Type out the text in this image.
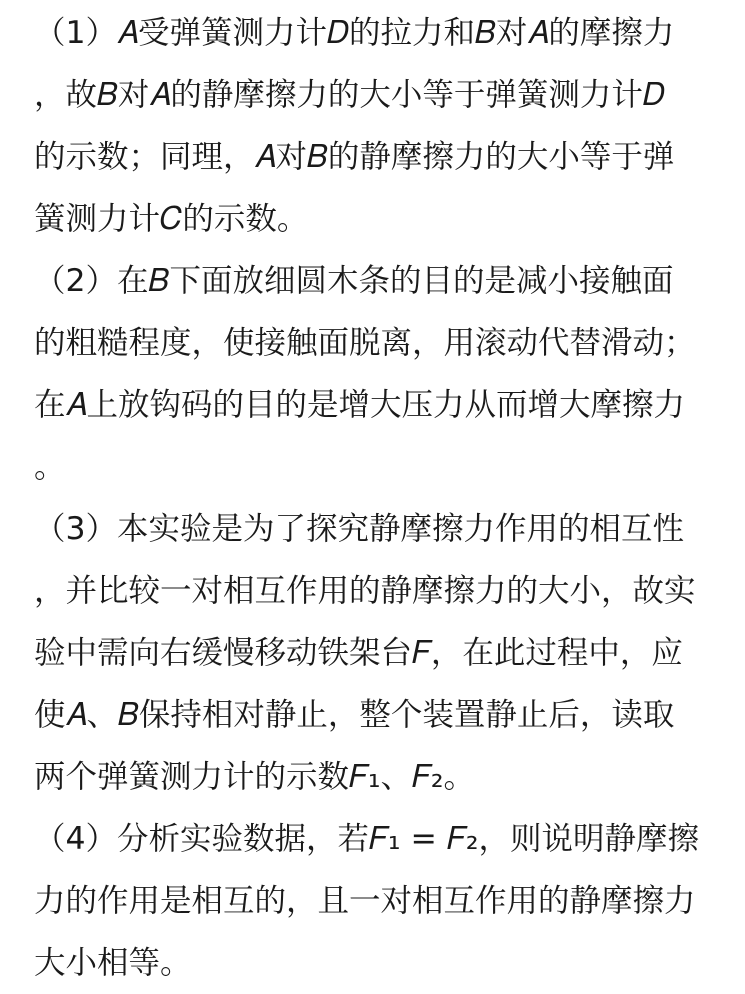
（1）𝐴受弹簧测力计𝐷的拉力和𝐵对𝐴的摩擦力
，故𝐵对𝐴的静摩擦力的大小等于弹簧测力计𝐷
的示数；同理，𝐴对𝐵的静摩擦力的大小等于弹
簧测力计𝐶的示数。
（2）在𝐵下面放细圆木条的目的是减小接触面
的粗糙程度，使接触面脱离，用滚动代替滑动；
在𝐴上放钩码的目的是增大压力从而增大摩擦力
。
（3）本实验是为了探究静摩擦力作用的相互性
，并比较一对相互作用的静摩擦力的大小，故实
验中需向右缓慢移动铁架台𝐹，在此过程中，应
使𝐴、𝐵保持相对静止，整个装置静止后，读取
两个弹簧测力计的示数𝐹₁、𝐹₂。
（4）分析实验数据，若𝐹₁ = 𝐹₂，则说明静摩擦
力的作用是相互的，且一对相互作用的静摩擦力
大小相等。
